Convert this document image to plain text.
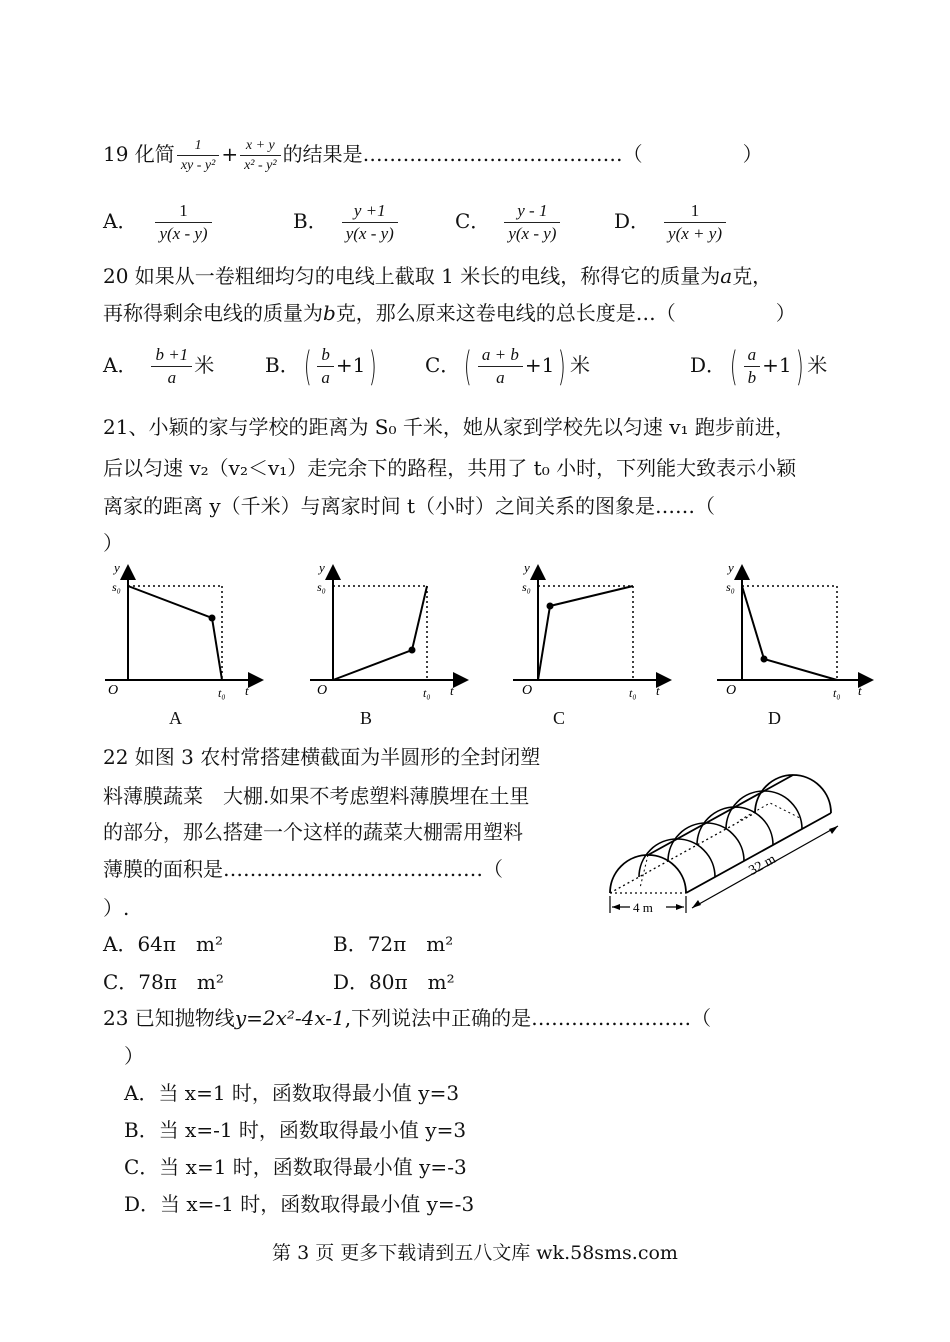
19 化简 $\frac{1}{\text{xy - y²}} + \frac{x + y}{\text{x² - y²}}$ 的结果是…………………………………（　　　　　）
A． $\frac{1}{y(x - y)}$	B． $\frac{y +1}{y(x - y)}$	C． $\frac{y - 1}{y(x - y)}$	D． $\frac{1}{y(x + y)}$
20 如果从一卷粗细均匀的电线上截取 1 米长的电线，称得它的质量为a克，
再称得剩余电线的质量为b克，那么原来这卷电线的总长度是…（　　　　　）
A． $\frac{b +1}{a}$ 米	B．( $\frac{b}{a} +1$) C．( $\frac{a + b}{a} +1$) 米	D．( $\frac{a}{b} +1$) 米
21、小颖的家与学校的距离为 S₀ 千米，她从家到学校先以匀速 v₁ 跑步前进，
后以匀速 v₂（v₂＜v₁）走完余下的路程，共用了 t₀ 小时，下列能大致表示小颖
离家的距离 y（千米）与离家时间 t（小时）之间关系的图象是……（
）
y
s₀
O	t₀ t
A
y
s₀
O	t₀ t
B
y
s₀
O	t₀ t
C
y
s₀
O	t₀ t
D
22 如图 3 农村常搭建横截面为半圆形的全封闭塑
料薄膜蔬菜　大棚.如果不考虑塑料薄膜埋在土里
的部分，那么搭建一个这样的蔬菜大棚需用塑料
薄膜的面积是…………………………………（
）.
A．64π　m²	B．72π　m²
C．78π　m²	D．80π　m²
4 m
32 m
23 已知抛物线y=2x²-4x-1,下列说法中正确的是……………………（
）
A．当 x=1 时，函数取得最小值 y=3
B．当 x=-1 时，函数取得最小值 y=3
C．当 x=1 时，函数取得最小值 y=-3
D．当 x=-1 时，函数取得最小值 y=-3
第 3 页 更多下载请到五八文库 wk.58sms.com
